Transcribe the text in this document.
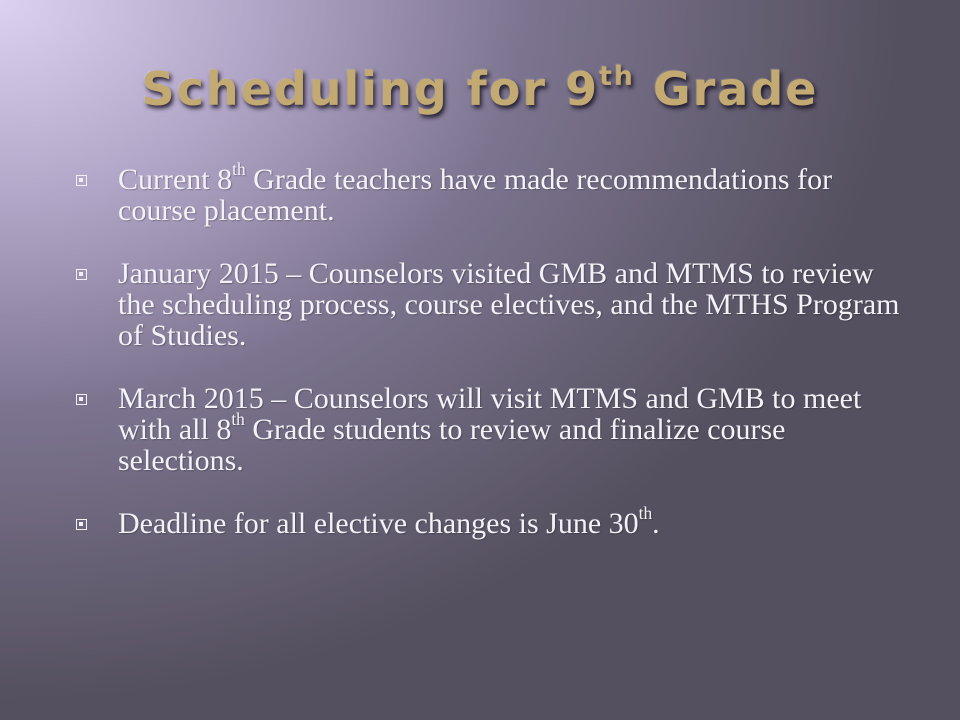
Scheduling for 9th Grade
Current 8th Grade teachers have made recommendations for course placement.
January 2015 – Counselors visited GMB and MTMS to review the scheduling process, course electives, and the MTHS Program of Studies.
March 2015 – Counselors will visit MTMS and GMB to meet with all 8th Grade students to review and finalize course selections.
Deadline for all elective changes is June 30th.
